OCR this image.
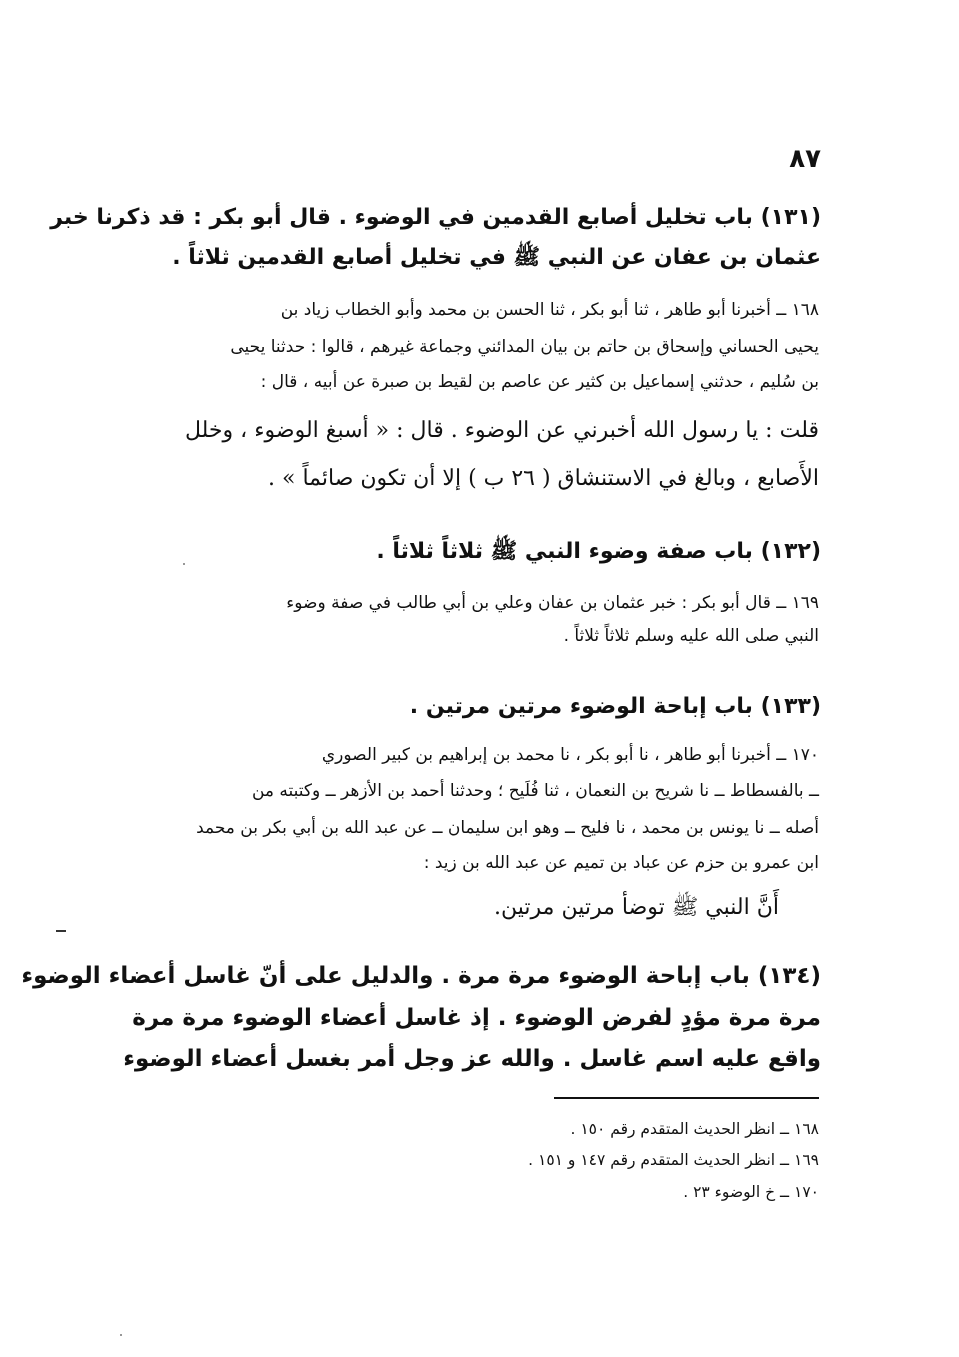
٨٧
(١٣١) باب تخليل أصابع القدمين في الوضوء . قال أبو بكر : قد ذكرنا خبر
عثمان بن عفان عن النبي ﷺ في تخليل أصابع القدمين ثلاثاً .
١٦٨ ــ أخبرنا أبو طاهر ، ثنا أبو بكر ، ثنا الحسن بن محمد وأبو الخطاب زياد بن
يحيى الحساني وإسحاق بن حاتم بن بيان المدائني وجماعة غيرهم ، قالوا : حدثنا يحيى
بن سُليم ، حدثني إسماعيل بن كثير عن عاصم بن لقيط بن صبرة عن أبيه ، قال :
قلت : يا رسول الله أخبرني عن الوضوء . قال : « أسبغ الوضوء ، وخلل
الأَصابع ، وبالغ في الاستنشاق ( ٢٦ ب ) إلا أن تكون صائماً » .
(١٣٢) باب صفة وضوء النبي ﷺ ثلاثاً ثلاثاً .
١٦٩ ــ قال أبو بكر : خبر عثمان بن عفان وعلي بن أبي طالب في صفة وضوء
النبي صلى الله عليه وسلم ثلاثاً ثلاثاً .
(١٣٣) باب إباحة الوضوء مرتين مرتين .
١٧٠ ــ أخبرنا أبو طاهر ، نا أبو بكر ، نا محمد بن إبراهيم بن كبير الصوري
ــ بالفسطاط ــ نا شريح بن النعمان ، ثنا فُلَيح ؛ وحدثنا أحمد بن الأزهر ــ وكتبته من
أصله ــ نا يونس بن محمد ، نا فليح ــ وهو ابن سليمان ــ عن عبد الله بن أبي بكر بن محمد
ابن عمرو بن حزم عن عباد بن تميم عن عبد الله بن زيد :
أَنَّ النبي ﷺ توضأ مرتين مرتين.
(١٣٤) باب إباحة الوضوء مرة مرة . والدليل على أنّ غاسل أعضاء الوضوء
مرة مرة مؤدٍ لفرض الوضوء . إذ غاسل أعضاء الوضوء مرة مرة
واقع عليه اسم غاسل . والله عز وجل أمر بغسل أعضاء الوضوء
١٦٨ ــ انظر الحديث المتقدم رقم ١٥٠ .
١٦٩ ــ انظر الحديث المتقدم رقم ١٤٧ و ١٥١ .
١٧٠ ــ خ الوضوء ٢٣ .
